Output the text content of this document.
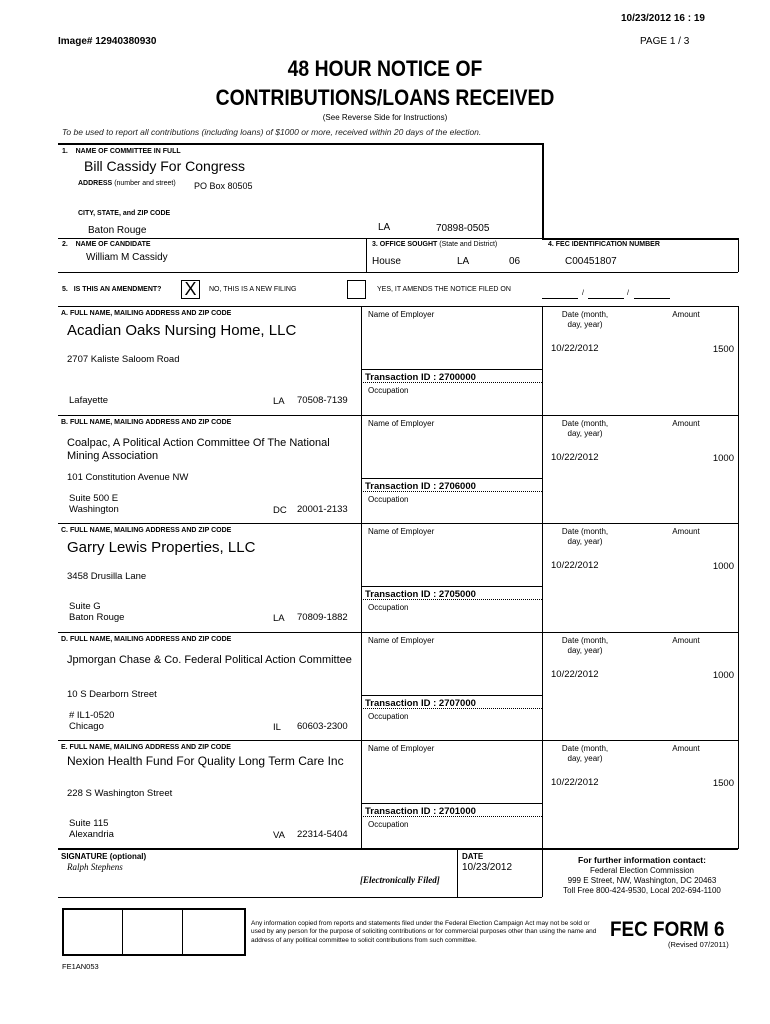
10/23/2012 16 : 19
Image# 12940380930	PAGE 1 / 3
48 HOUR NOTICE OF
CONTRIBUTIONS/LOANS RECEIVED
(See Reverse Side for Instructions)
To be used to report all contributions (including loans) of $1000 or more, received within 20 days of the election.
1. NAME OF COMMITTEE IN FULL
Bill Cassidy For Congress
ADDRESS (number and street) PO Box 80505
CITY, STATE, and ZIP CODE
Baton Rouge	LA	70898-0505
2. NAME OF CANDIDATE
William M Cassidy
3. OFFICE SOUGHT (State and District)
House	LA	06
4. FEC IDENTIFICATION NUMBER
C00451807
5. IS THIS AN AMENDMENT? X	NO, THIS IS A NEW FILING	YES, IT AMENDS THE NOTICE FILED ON
/	/
A. FULL NAME, MAILING ADDRESS AND ZIP CODE
Acadian Oaks Nursing Home, LLC
2707 Kaliste Saloom Road
Lafayette	LA 70508-7139
Name of Employer
Transaction ID : 2700000
Occupation
Date (month,
day, year)
Amount
10/22/2012	1500
B. FULL NAME, MAILING ADDRESS AND ZIP CODE
Coalpac, A Political Action Committee Of The National Mining Association
101 Constitution Avenue NW
Suite 500 E
Washington	DC 20001-2133
Name of Employer
Transaction ID : 2706000
Occupation
Date (month,
day, year)
Amount
10/22/2012	1000
C. FULL NAME, MAILING ADDRESS AND ZIP CODE
Garry Lewis Properties, LLC
3458 Drusilla Lane
Suite G
Baton Rouge	LA 70809-1882
Name of Employer
Transaction ID : 2705000
Occupation
Date (month,
day, year)
Amount
10/22/2012	1000
D. FULL NAME, MAILING ADDRESS AND ZIP CODE
Jpmorgan Chase & Co. Federal Political Action Committee
10 S Dearborn Street
# IL1-0520
Chicago	IL 60603-2300
Name of Employer
Transaction ID : 2707000
Occupation
Date (month,
day, year)
Amount
10/22/2012	1000
E. FULL NAME, MAILING ADDRESS AND ZIP CODE
Nexion Health Fund For Quality Long Term Care Inc
228 S Washington Street
Suite 115
Alexandria	VA 22314-5404
Name of Employer
Transaction ID : 2701000
Occupation
Date (month,
day, year)
Amount
10/22/2012	1500
SIGNATURE (optional)
Ralph Stephens
[Electronically Filed]
DATE
10/23/2012
For further information contact:
Federal Election Commission
999 E Street, NW, Washington, DC 20463
Toll Free 800-424-9530, Local 202-694-1100
Any information copied from reports and statements filed under the Federal Election Campaign Act may not be sold or used by any person for the purpose of soliciting contributions or for commercial purposes other than using the name and address of any political committee to solicit contributions from such committee.	FEC FORM 6
(Revised 07/2011)
FE1AN053
